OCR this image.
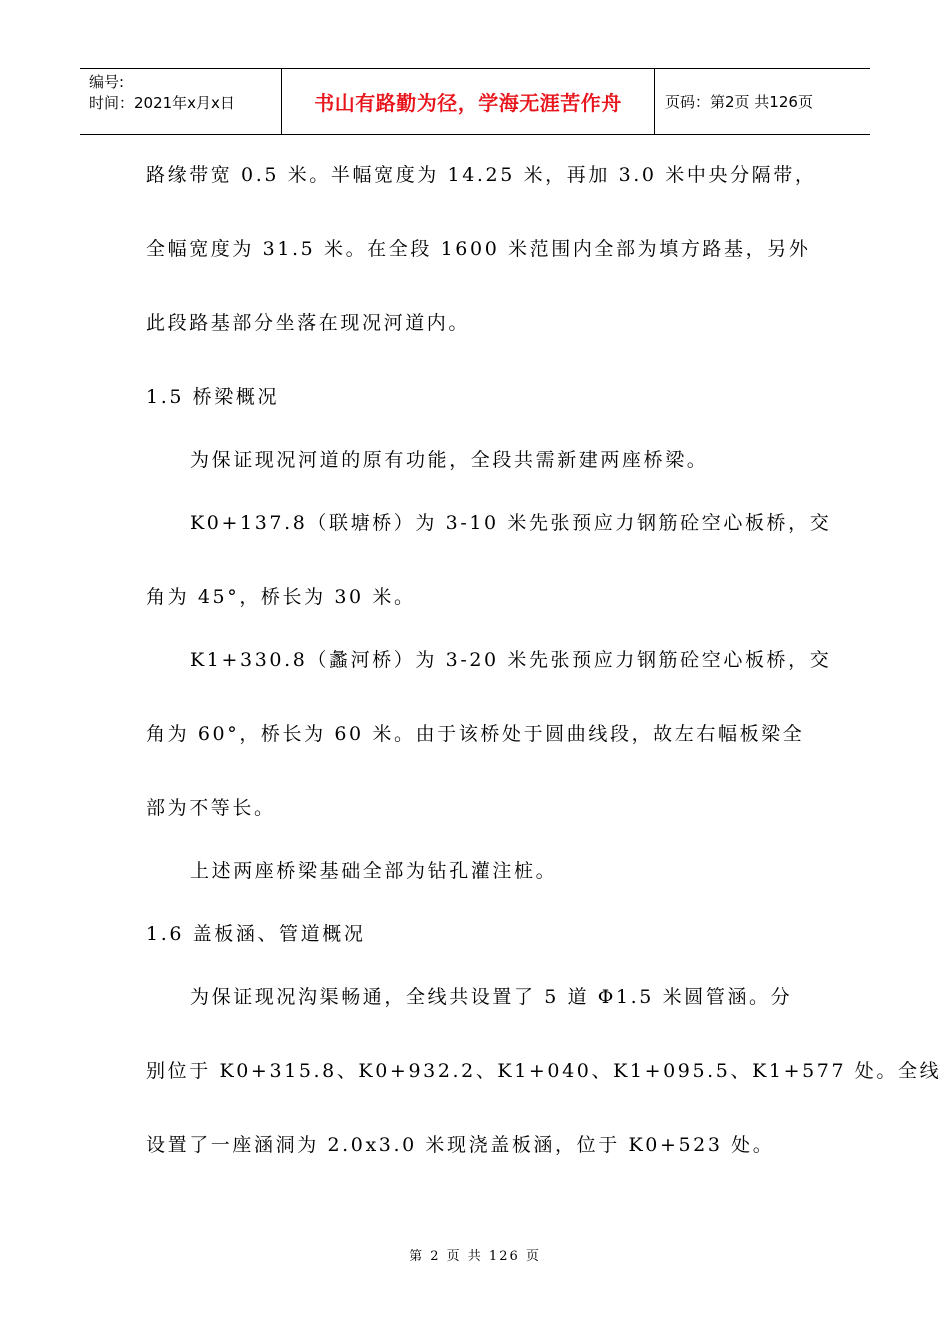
编号:
时间：2021年x月x日	书山有路勤为径，学海无涯苦作舟	页码：第2页 共126页
路缘带宽 0.5 米。半幅宽度为 14.25 米，再加 3.0 米中央分隔带，
全幅宽度为 31.5 米。在全段 1600 米范围内全部为填方路基，另外
此段路基部分坐落在现况河道内。
1.5 桥梁概况
为保证现况河道的原有功能，全段共需新建两座桥梁。
K0+137.8（联塘桥）为 3-10 米先张预应力钢筋砼空心板桥，交
角为 45°，桥长为 30 米。
K1+330.8（蠡河桥）为 3-20 米先张预应力钢筋砼空心板桥，交
角为 60°，桥长为 60 米。由于该桥处于圆曲线段，故左右幅板梁全
部为不等长。
上述两座桥梁基础全部为钻孔灌注桩。
1.6 盖板涵、管道概况
为保证现况沟渠畅通，全线共设置了 5 道 Φ1.5 米圆管涵。分
别位于 K0+315.8、K0+932.2、K1+040、K1+095.5、K1+577 处。全线
设置了一座涵洞为 2.0x3.0 米现浇盖板涵，位于 K0+523 处。
第 2 页 共 126 页
